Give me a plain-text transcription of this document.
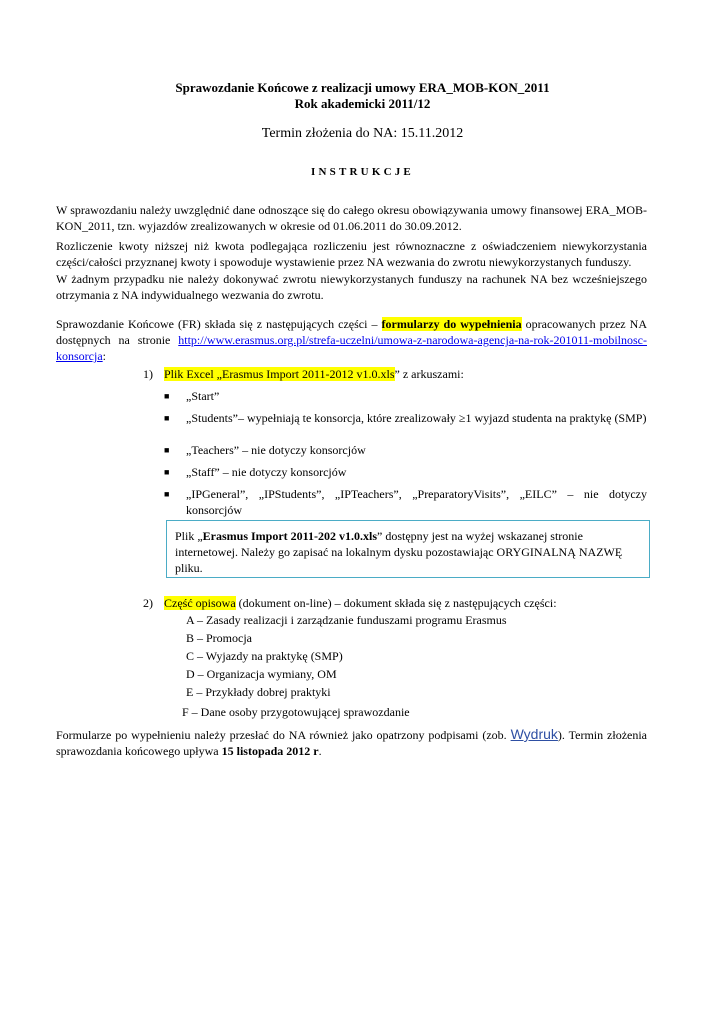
Sprawozdanie Końcowe z realizacji umowy ERA_MOB-KON_2011
Rok akademicki 2011/12
Termin złożenia do NA: 15.11.2012
INSTRUKCJE

W sprawozdaniu należy uwzględnić dane odnoszące się do całego okresu obowiązywania umowy finansowej ERA_MOB-KON_2011, tzn. wyjazdów zrealizowanych w okresie od 01.06.2011 do 30.09.2012.

Rozliczenie kwoty niższej niż kwota podlegająca rozliczeniu jest równoznaczne z oświadczeniem niewykorzystania części/całości przyznanej kwoty i spowoduje wystawienie przez NA wezwania do zwrotu niewykorzystanych funduszy.

W żadnym przypadku nie należy dokonywać zwrotu niewykorzystanych funduszy na rachunek NA bez wcześniejszego otrzymania z NA indywidualnego wezwania do zwrotu.

Sprawozdanie Końcowe (FR) składa się z następujących części – formularzy do wypełnienia opracowanych przez NA dostępnych na stronie http://www.erasmus.org.pl/strefa-uczelni/umowa-z-narodowa-agencja-na-rok-201011-mobilnosc-konsorcja:

1) Plik Excel „Erasmus Import 2011-2012 v1.0.xls” z arkuszami:
■ „Start”

■ „Students”– wypełniają te konsorcja, które zrealizowały ≥1 wyjazd studenta na praktykę (SMP)

■ „Teachers” – nie dotyczy konsorcjów

■ „Staff” – nie dotyczy konsorcjów

■ „IPGeneral”, „IPStudents”, „IPTeachers”, „PreparatoryVisits”, „EILC” – nie dotyczy konsorcjów

Plik „Erasmus Import 2011-202 v1.0.xls” dostępny jest na wyżej wskazanej stronie internetowej. Należy go zapisać na lokalnym dysku pozostawiając ORYGINALNĄ NAZWĘ pliku.

2) Część opisowa (dokument on-line) – dokument składa się z następujących części:
A – Zasady realizacji i zarządzanie funduszami programu Erasmus
B – Promocja
C – Wyjazdy na praktykę (SMP)
D – Organizacja wymiany, OM
E – Przykłady dobrej praktyki
F – Dane osoby przygotowującej sprawozdanie

Formularze po wypełnieniu należy przesłać do NA również jako opatrzony podpisami (zob. Wydruk). Termin złożenia sprawozdania końcowego upływa 15 listopada 2012 r.
